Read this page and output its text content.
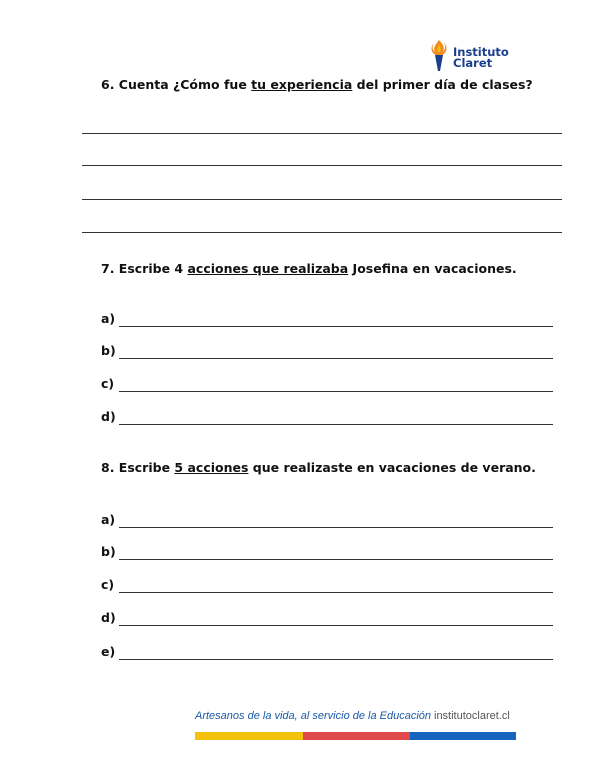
Instituto
Claret
6. Cuenta ¿Cómo fue tu experiencia del primer día de clases?
7. Escribe 4 acciones que realizaba Josefina en vacaciones.
a)
b)
c)
d)
8. Escribe 5 acciones que realizaste en vacaciones de verano.
a)
b)
c)
d)
e)
Artesanos de la vida, al servicio de la Educación institutoclaret.cl
